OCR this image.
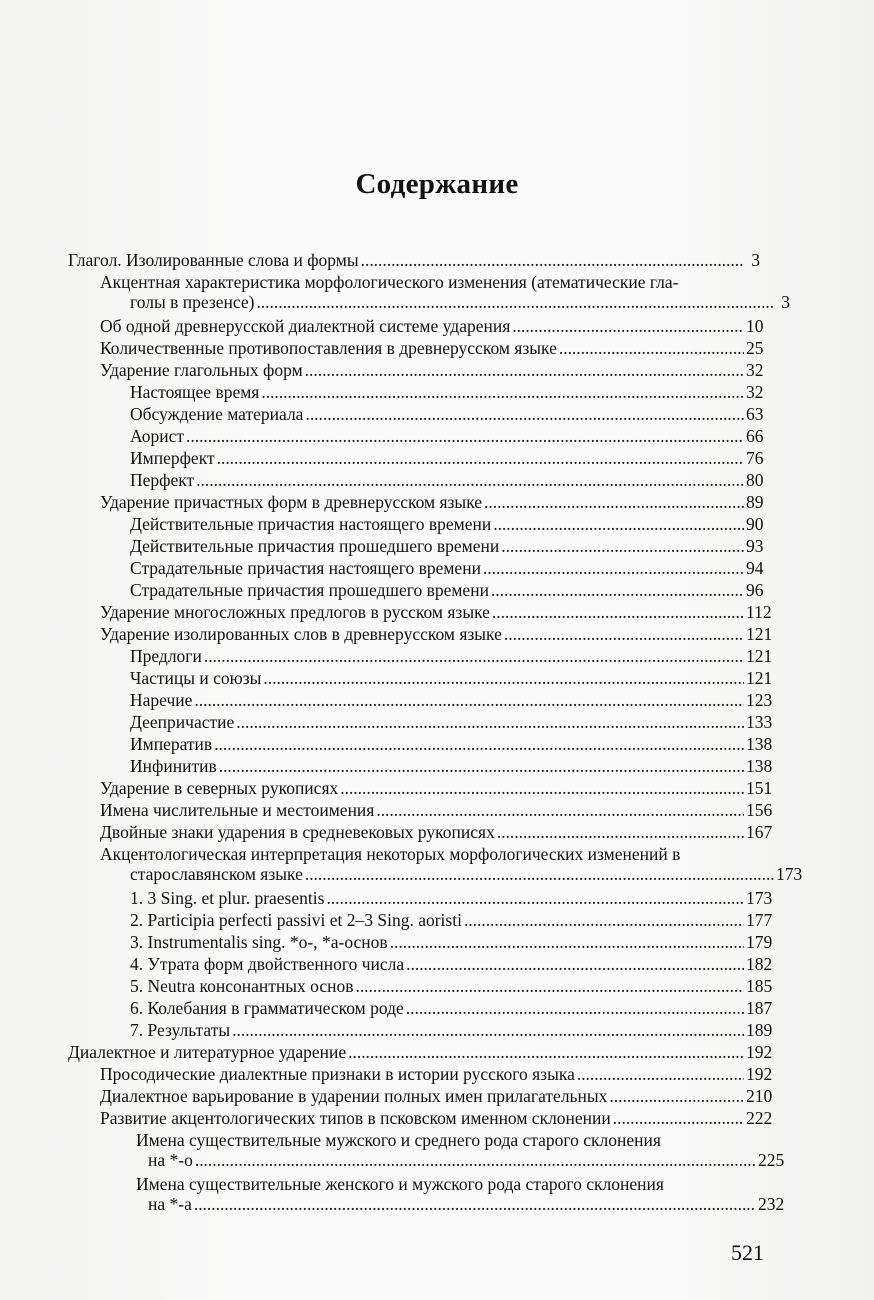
Содержание
Глагол. Изолированные слова и формы . . .	3
Акцентная характеристика морфологического изменения (атематические гла-
голы в презенсе) . . .	3
Об одной древнерусской диалектной системе ударения . . .	10
Количественные противопоставления в древнерусском языке . . .	25
Ударение глагольных форм . . .	32
Настоящее время . . .	32
Обсуждение материала . . .	63
Аорист . . .	66
Имперфект . . .	76
Перфект . . .	80
Ударение причастных форм в древнерусском языке . . .	89
Действительные причастия настоящего времени . . .	90
Действительные причастия прошедшего времени . . .	93
Страдательные причастия настоящего времени . . .	94
Страдательные причастия прошедшего времени . . .	96
Ударение многосложных предлогов в русском языке . . .	112
Ударение изолированных слов в древнерусском языке . . .	121
Предлоги . . .	121
Частицы и союзы . . .	121
Наречие . . .	123
Деепричастие . . .	133
Императив . . .	138
Инфинитив . . .	138
Ударение в северных рукописях . . .	151
Имена числительные и местоимения . . .	156
Двойные знаки ударения в средневековых рукописях . . .	167
Акцентологическая интерпретация некоторых морфологических изменений в
старославянском языке . . .	173
1. 3 Sing. et plur. praesentis . . .	173
2. Participia perfecti passivi et 2–3 Sing. aoristi . . .	177
3. Instrumentalis sing. *o-, *a-основ . . .	179
4. Утрата форм двойственного числа . . .	182
5. Neutra консонантных основ . . .	185
6. Колебания в грамматическом роде . . .	187
7. Результаты . . .	189
Диалектное и литературное ударение . . .	192
Просодические диалектные признаки в истории русского языка . . .	192
Диалектное варьирование в ударении полных имен прилагательных . . .	210
Развитие акцентологических типов в псковском именном склонении . . .	222
Имена существительные мужского и среднего рода старого склонения
на *-o . . .	225
Имена существительные женского и мужского рода старого склонения
на *-a . . .	232
521
